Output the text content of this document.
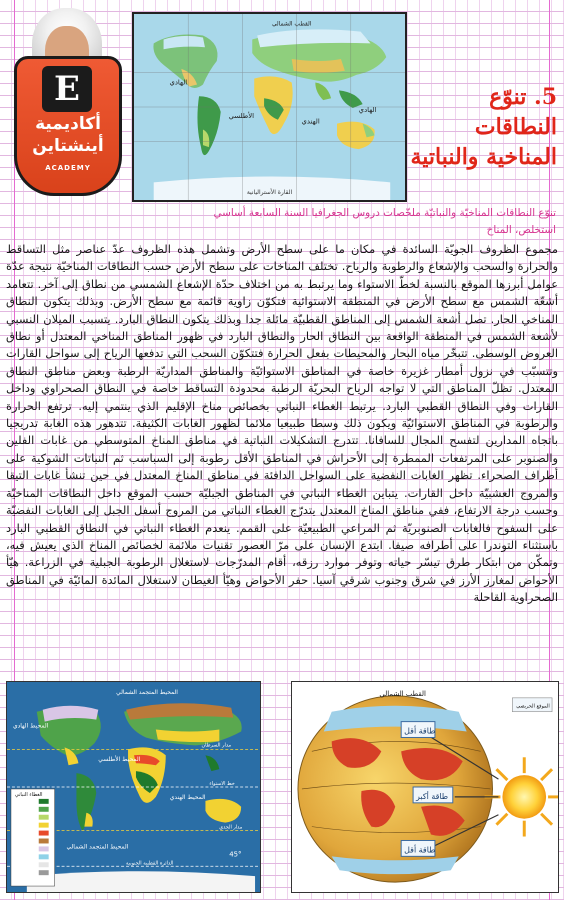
E
أكاديمية
أينشتاين
ACADEMY
الهادي
الأطلسي
الهندي
الهادي
القطب الشمالي
القارة الأستراليانية
5. تنوّع النطاقات
المناخية والنباتية
تنوّع النطاقات المناخيّة والنباتيّة ملخّصات دروس الجغرافيا السنة السابعة أساسي
استخلص، المناخ
مجموع الظروف الجويّة السائدة في مكان ما على سطح الأرض وتشمل هذه الظروف عدّ عناصر مثل التساقط والحرارة والسحب والإشعاع والرطوبة والرياح. تختلف المناخات على سطح الأرض حسب النطاقات المناخيّة نتيجة عدّة عوامل أبرزها الموقع بالنسبة لخطّ الاستواء وما يرتبط به من اختلاف حدّة الإشعاع الشمسي من نطاق إلى آخر. تتعامد أشعّة الشمس مع سطح الأرض في المنطقة الاستوائية فتكوّن زاوية قائمة مع سطح الأرض. وبذلك يتكون النطاق المناخي الحار. تصل أشعة الشمس إلى المناطق القطبيّة مائلة جدا وبذلك يتكون النطاق البارد. يتسبب الميلان النسبي لأشعة الشمس في المنطقة الواقعة بين النطاق الحار والنطاق البارد في ظهور المناطق المناخي المعتدل أو نطاق العروض الوسطى. تتبخّر مياه البحار والمحيطات بفعل الحرارة فتتكوّن السحب التي تدفعها الرياح إلى سواحل القارات وتتسبّب في نزول أمطار غزيرة خاصة في المناطق الاستوائيّة والمناطق المداريّة الرطبة وبعض مناطق النطاق المعتدل. تظلّ المناطق التي لا تواجه الرياح البحريّة الرطبة محدودة التساقط خاصة في النطاق الصحراوي وداخل القارات وفي النطاق القطبي البارد. يرتبط الغطاء النباتي بخصائص مناخ الإقليم الذي ينتمي إليه. ترتفع الحرارة والرطوبة في المناطق الاستوائيّة ويكون ذلك وسطا طبيعيا ملائما لظهور الغابات الكثيفة. تتدهور هذه الغابة تدريجيا باتجاه المدارين لتفسح المجال للسافانا. تتدرج التشكيلات النباتية في مناطق المناخ المتوسطي من غابات الفلين والصنوبر على المرتفعات الممطرة إلى الأحراش في المناطق الأقل رطوبة إلى السباسب ثم النباتات الشوكية على أطراف الصحراء. تظهر الغابات النفضية على السواحل الدافئة في مناطق المناخ المعتدل في حين تنشأ غابات التيقا والمروج العشبيّة داخل القارات. يتباين الغطاء النباتي في المناطق الجبليّة حسب الموقع داخل النطاقات المناخيّة وحسب درجة الارتفاع، ففي مناطق المناخ المعتدل يتدرّج الغطاء النباتي من المروج أسفل الجبل إلى الغابات النفضيّة على السفوح فالغابات الصنوبريّة ثم المراعي الطبيعيّة على القمم. ينعدم الغطاء النباتي في النطاق القطبي البارد باستثناء التوندرا على أطرافه صيفا. ابتدع الإنسان على مرّ العصور تقنيات ملائمة لخصائص المناخ الذي يعيش فيه، وتمكّن من ابتكار طرق تيسّر حياته وتوفر موارد رزقه، أقام المدرّجات لاستغلال الرطوبة الجبلية في الزراعة. هيّأ الأحواض لمغارز الأرز في شرق وجنوب شرقي آسيا. حفر الأحواض وهيّأ الغيطان لاستغلال المائدة المائيّة في المناطق الصحراوية القاحلة
الغطاء النباتي
المحيط المتجمد الشمالي
المحيط الهادي
المحيط الأطلسي
المحيط الهندي
مدار السرطان
خط الاستواء
مدار الجدي
الدائرة القطبية الجنوبية
المحيط المتجمد الشمالي
45°
القطب الشمالي
طاقة أقل
طاقة أكبر
طاقة أقل
الموقع الحريصي
